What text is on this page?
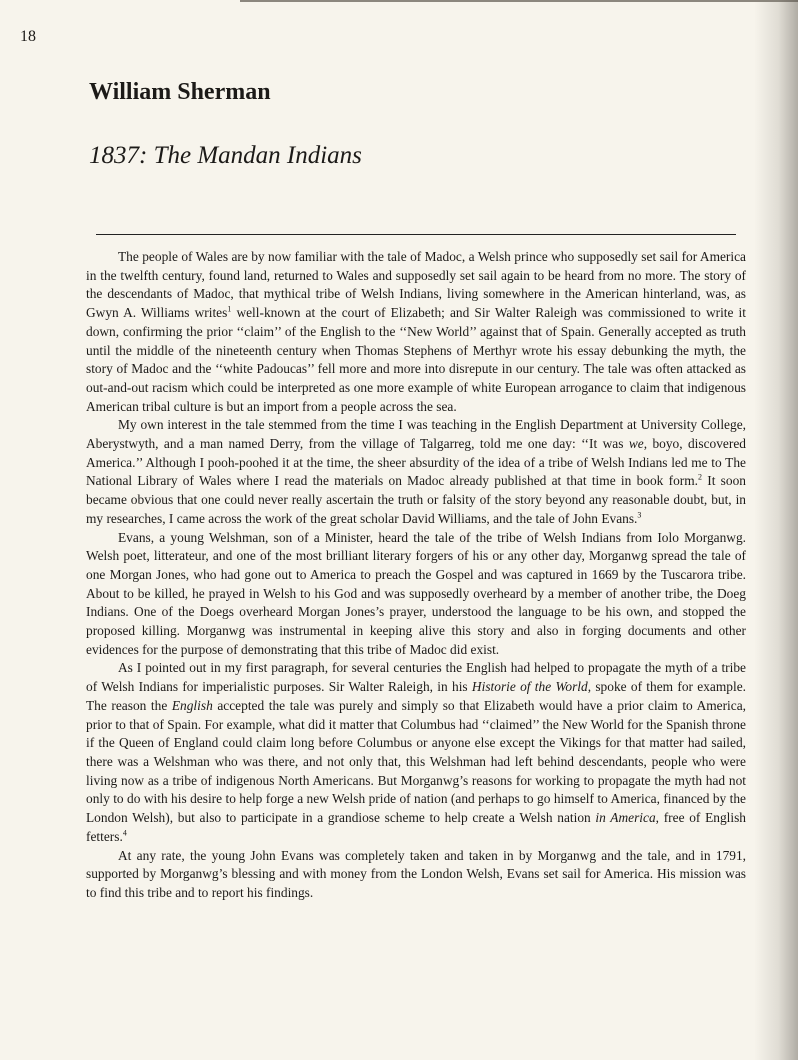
18
William Sherman
1837: The Mandan Indians

The people of Wales are by now familiar with the tale of Madoc, a Welsh prince who supposedly set sail for America in the twelfth century, found land, returned to Wales and supposedly set sail again to be heard from no more. The story of the descendants of Madoc, that mythical tribe of Welsh Indians, living somewhere in the American hinterland, was, as Gwyn A. Williams writes$^1$ well-known at the court of Elizabeth; and Sir Walter Raleigh was commissioned to write it down, confirming the prior ‘‘claim’’ of the English to the ‘‘New World’’ against that of Spain. Generally accepted as truth until the middle of the nineteenth century when Thomas Stephens of Merthyr wrote his essay debunking the myth, the story of Madoc and the ‘‘white Padoucas’’ fell more and more into disrepute in our century. The tale was often attacked as out-and-out racism which could be interpreted as one more example of white European arrogance to claim that indigenous American tribal culture is but an import from a people across the sea.

My own interest in the tale stemmed from the time I was teaching in the English Department at University College, Aberystwyth, and a man named Derry, from the village of Talgarreg, told me one day: ‘‘It was we, boyo, discovered America.’’ Although I pooh-poohed it at the time, the sheer absurdity of the idea of a tribe of Welsh Indians led me to The National Library of Wales where I read the materials on Madoc already published at that time in book form.$^2$ It soon became obvious that one could never really ascertain the truth or falsity of the story beyond any reasonable doubt, but, in my researches, I came across the work of the great scholar David Williams, and the tale of John Evans.$^3$

Evans, a young Welshman, son of a Minister, heard the tale of the tribe of Welsh Indians from Iolo Morganwg. Welsh poet, litterateur, and one of the most brilliant literary forgers of his or any other day, Morganwg spread the tale of one Morgan Jones, who had gone out to America to preach the Gospel and was captured in 1669 by the Tuscarora tribe. About to be killed, he prayed in Welsh to his God and was supposedly overheard by a member of another tribe, the Doeg Indians. One of the Doegs overheard Morgan Jones’s prayer, understood the language to be his own, and stopped the proposed killing. Morganwg was instrumental in keeping alive this story and also in forging documents and other evidences for the purpose of demonstrating that this tribe of Madoc did exist.

As I pointed out in my first paragraph, for several centuries the English had helped to propagate the myth of a tribe of Welsh Indians for imperialistic purposes. Sir Walter Raleigh, in his Historie of the World, spoke of them for example. The reason the English accepted the tale was purely and simply so that Elizabeth would have a prior claim to America, prior to that of Spain. For example, what did it matter that Columbus had ‘‘claimed’’ the New World for the Spanish throne if the Queen of England could claim long before Columbus or anyone else except the Vikings for that matter had sailed, there was a Welshman who was there, and not only that, this Welshman had left behind descendants, people who were living now as a tribe of indigenous North Americans. But Morganwg’s reasons for working to propagate the myth had not only to do with his desire to help forge a new Welsh pride of nation (and perhaps to go himself to America, financed by the London Welsh), but also to participate in a grandiose scheme to help create a Welsh nation in America, free of English fetters.$^4$

At any rate, the young John Evans was completely taken and taken in by Morganwg and the tale, and in 1791, supported by Morganwg’s blessing and with money from the London Welsh, Evans set sail for America. His mission was to find this tribe and to report his findings.
